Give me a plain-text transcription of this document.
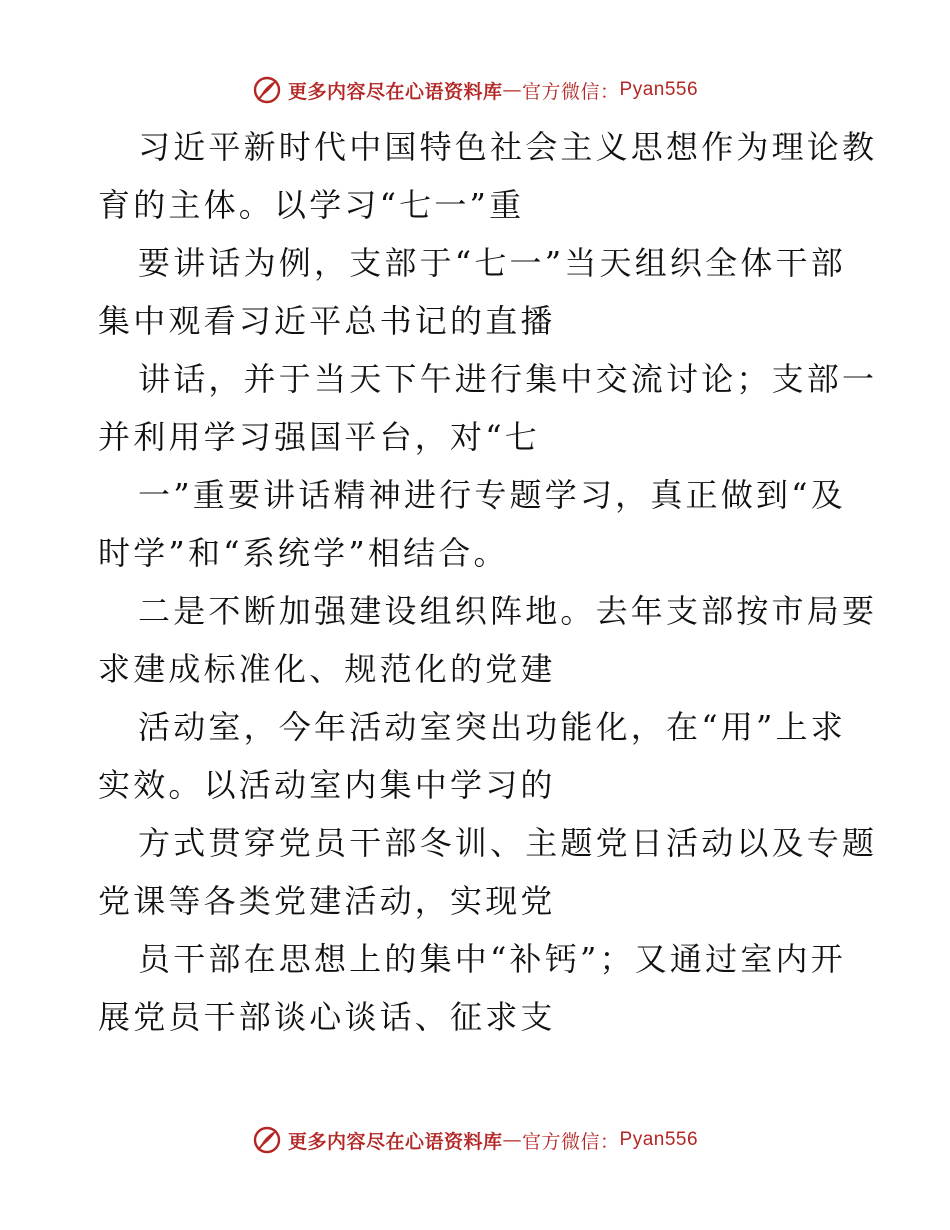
更多内容尽在心语资料库 — 官方微信 ： Pyan556

习近平新时代中国特色社会主义思想作为理论教
育的主体。以学习“七一”重

要讲话为例，支部于“七一”当天组织全体干部
集中观看习近平总书记的直播

讲话，并于当天下午进行集中交流讨论；支部一
并利用学习强国平台，对“七

一”重要讲话精神进行专题学习，真正做到“及
时学”和“系统学”相结合。

二是不断加强建设组织阵地。去年支部按市局要
求建成标准化、规范化的党建

活动室，今年活动室突出功能化，在“用”上求
实效。以活动室内集中学习的

方式贯穿党员干部冬训、主题党日活动以及专题
党课等各类党建活动，实现党

员干部在思想上的集中“补钙”；又通过室内开
展党员干部谈心谈话、征求支

更多内容尽在心语资料库 — 官方微信 ： Pyan556
